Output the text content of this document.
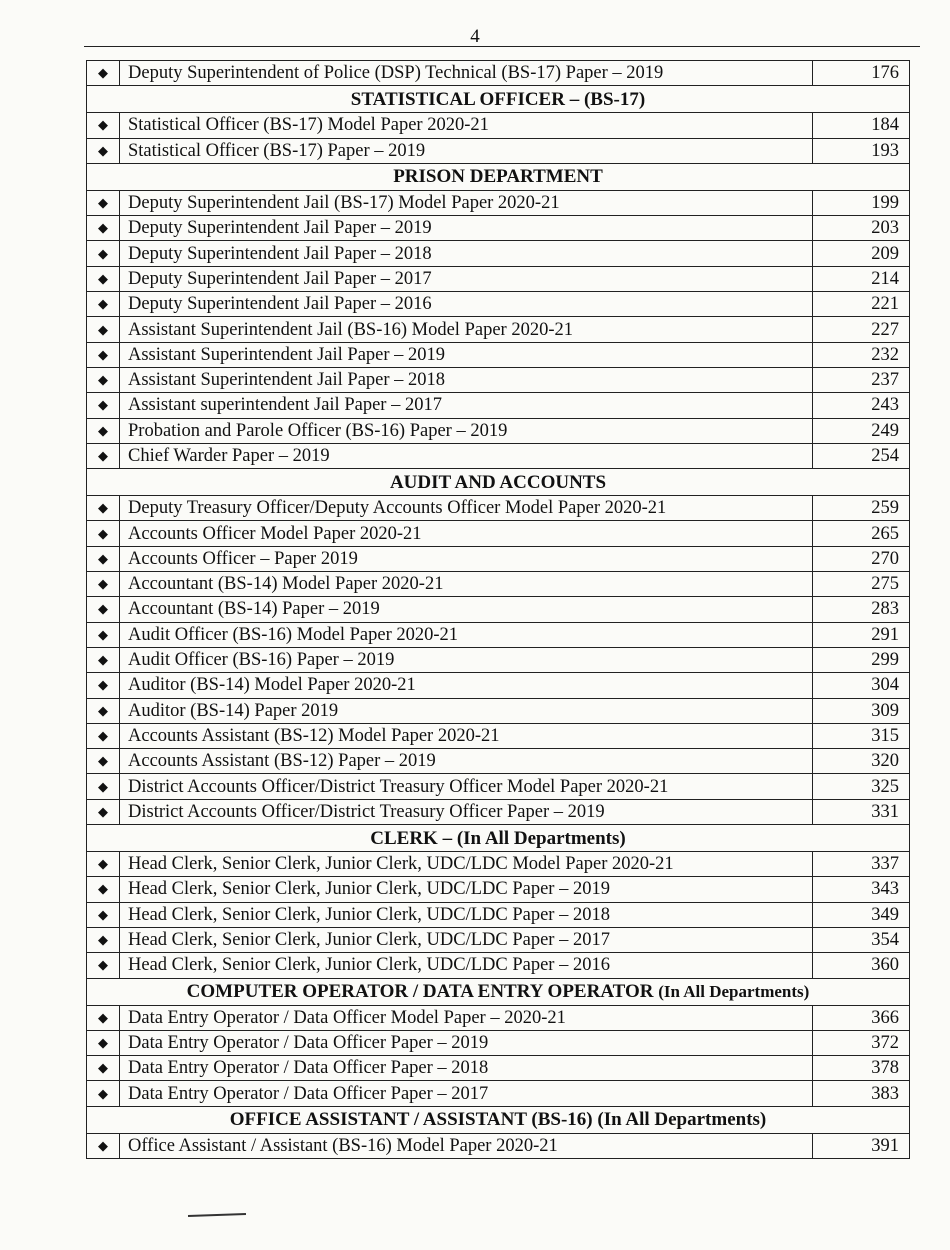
4
◆	Deputy Superintendent of Police (DSP) Technical (BS-17) Paper – 2019	176
STATISTICAL OFFICER – (BS-17)		
◆	Statistical Officer (BS-17) Model Paper 2020-21	184
◆	Statistical Officer (BS-17) Paper – 2019	193
PRISON DEPARTMENT		
◆	Deputy Superintendent Jail (BS-17) Model Paper 2020-21	199
◆	Deputy Superintendent Jail Paper – 2019	203
◆	Deputy Superintendent Jail Paper – 2018	209
◆	Deputy Superintendent Jail Paper – 2017	214
◆	Deputy Superintendent Jail Paper – 2016	221
◆	Assistant Superintendent Jail (BS-16) Model Paper 2020-21	227
◆	Assistant Superintendent Jail Paper – 2019	232
◆	Assistant Superintendent Jail Paper – 2018	237
◆	Assistant superintendent Jail Paper – 2017	243
◆	Probation and Parole Officer (BS-16) Paper – 2019	249
◆	Chief Warder Paper – 2019	254
AUDIT AND ACCOUNTS		
◆	Deputy Treasury Officer/Deputy Accounts Officer Model Paper 2020-21	259
◆	Accounts Officer Model Paper 2020-21	265
◆	Accounts Officer – Paper 2019	270
◆	Accountant (BS-14) Model Paper 2020-21	275
◆	Accountant (BS-14) Paper – 2019	283
◆	Audit Officer (BS-16) Model Paper 2020-21	291
◆	Audit Officer (BS-16) Paper – 2019	299
◆	Auditor (BS-14) Model Paper 2020-21	304
◆	Auditor (BS-14) Paper 2019	309
◆	Accounts Assistant (BS-12) Model Paper 2020-21	315
◆	Accounts Assistant (BS-12) Paper – 2019	320
◆	District Accounts Officer/District Treasury Officer Model Paper 2020-21	325
◆	District Accounts Officer/District Treasury Officer Paper – 2019	331
CLERK – (In All Departments)		
◆	Head Clerk, Senior Clerk, Junior Clerk, UDC/LDC Model Paper 2020-21	337
◆	Head Clerk, Senior Clerk, Junior Clerk, UDC/LDC Paper – 2019	343
◆	Head Clerk, Senior Clerk, Junior Clerk, UDC/LDC Paper – 2018	349
◆	Head Clerk, Senior Clerk, Junior Clerk, UDC/LDC Paper – 2017	354
◆	Head Clerk, Senior Clerk, Junior Clerk, UDC/LDC Paper – 2016	360
COMPUTER OPERATOR / DATA ENTRY OPERATOR (In All Departments)		
◆	Data Entry Operator / Data Officer Model Paper – 2020-21	366
◆	Data Entry Operator / Data Officer Paper – 2019	372
◆	Data Entry Operator / Data Officer Paper – 2018	378
◆	Data Entry Operator / Data Officer Paper – 2017	383
OFFICE ASSISTANT / ASSISTANT (BS-16) (In All Departments)		
◆	Office Assistant / Assistant (BS-16) Model Paper 2020-21	391
